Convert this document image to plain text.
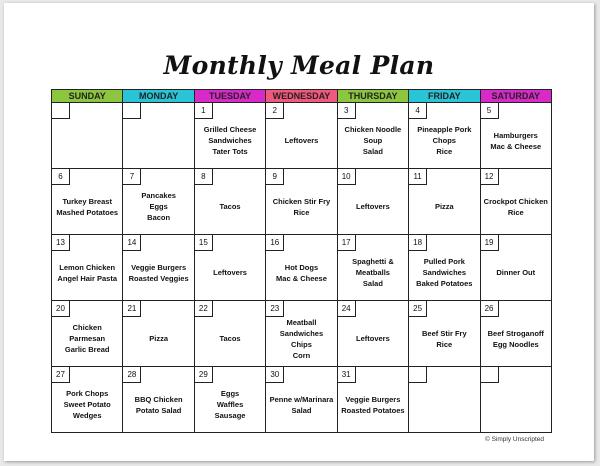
Monthly Meal Plan
SUNDAY	MONDAY	TUESDAY	WEDNESDAY	THURSDAY	FRIDAY	SATURDAY

		1
Grilled Cheese
Sandwiches
Tater Tots	2
Leftovers	3
Chicken Noodle
Soup
Salad	4
Pineapple Pork
Chops
Rice	5
Hamburgers
Mac & Cheese

6
Turkey Breast
Mashed Potatoes	7
Pancakes
Eggs
Bacon	8
Tacos	9
Chicken Stir Fry
Rice	10
Leftovers	11
Pizza	12
Crockpot Chicken
Rice

13
Lemon Chicken
Angel Hair Pasta	14
Veggie Burgers
Roasted Veggies	15
Leftovers	16
Hot Dogs
Mac & Cheese	17
Spaghetti &
Meatballs
Salad	18
Pulled Pork
Sandwiches
Baked Potatoes	19
Dinner Out

20
Chicken Parmesan
Garlic Bread	21
Pizza	22
Tacos	23
Meatball
Sandwiches
Chips
Corn	24
Leftovers	25
Beef Stir Fry
Rice	26
Beef Stroganoff
Egg Noodles

27
Pork Chops
Sweet Potato
Wedges	28
BBQ Chicken
Potato Salad	29
Eggs
Waffles
Sausage	30
Penne w/Marinara
Salad	31
Veggie Burgers
Roasted Potatoes		

© Simply Unscripted
